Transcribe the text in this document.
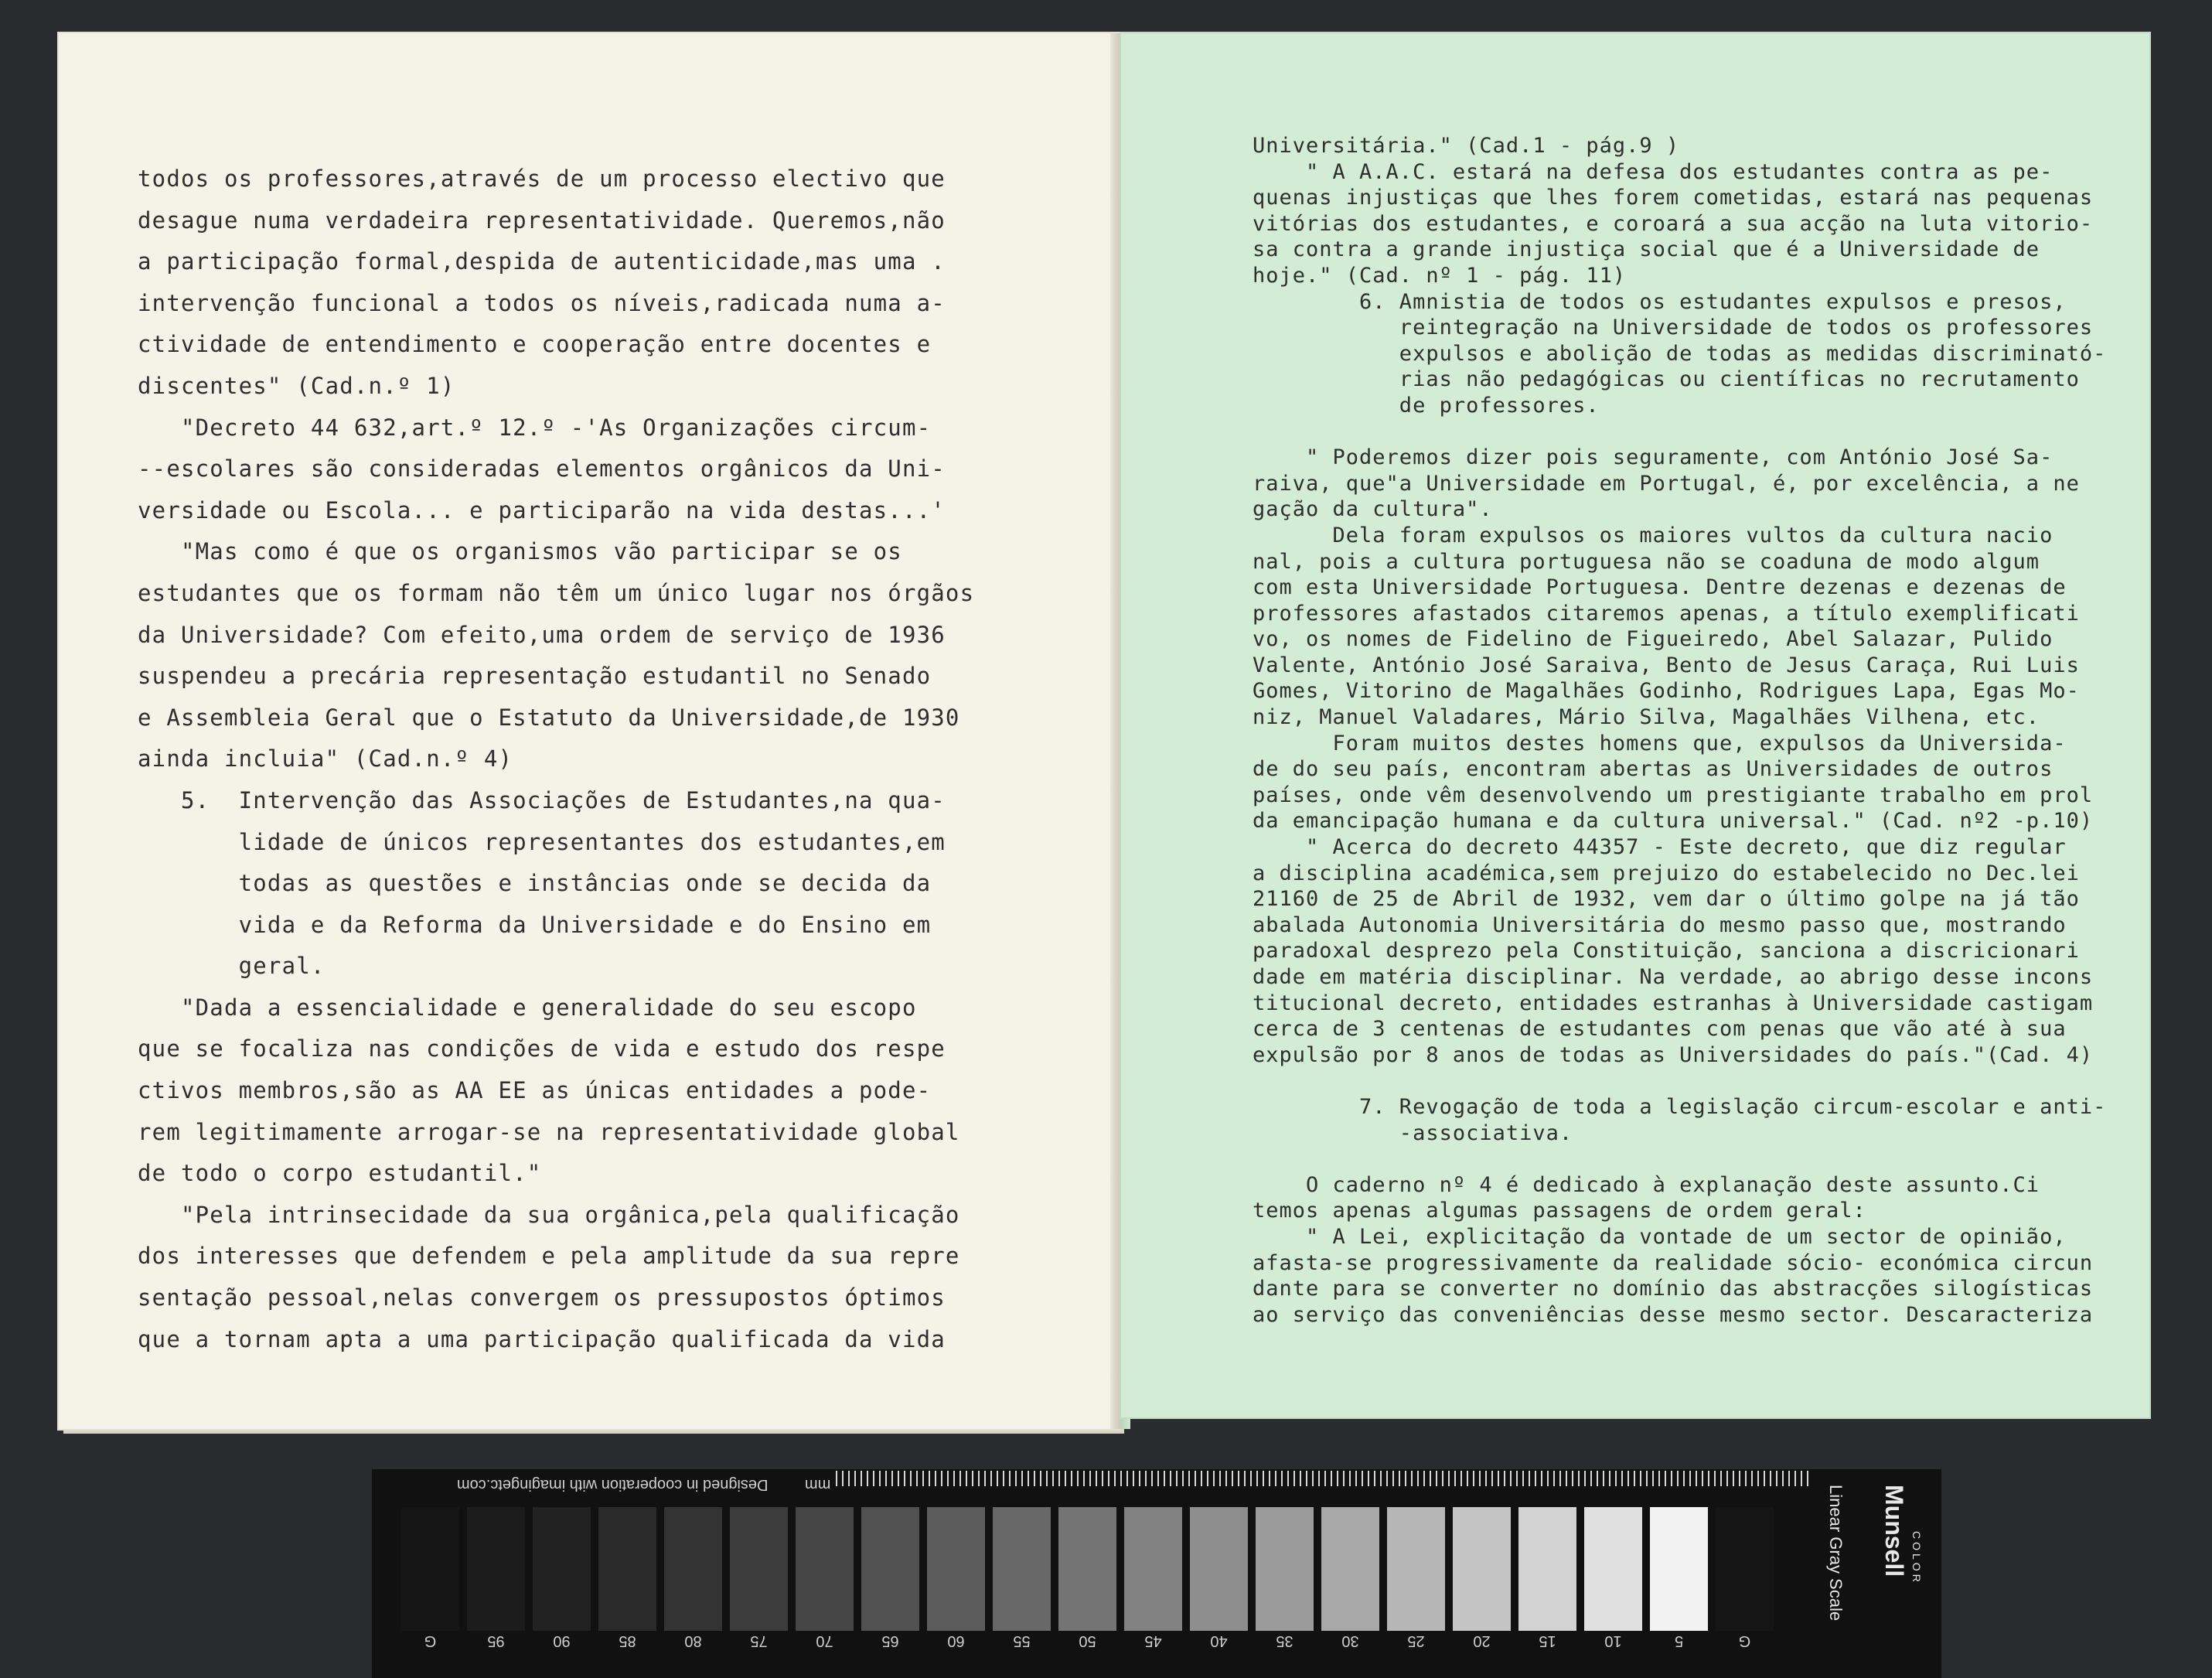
todos os professores,através de um processo electivo que
desague numa verdadeira representatividade. Queremos,não
a participação formal,despida de autenticidade,mas uma .
intervenção funcional a todos os níveis,radicada numa a-
ctividade de entendimento e cooperação entre docentes e
discentes" (Cad.n.º 1)
"Decreto 44 632,art.º 12.º -'As Organizações circum-
--escolares são consideradas elementos orgânicos da Uni-
versidade ou Escola... e participarão na vida destas...'
"Mas como é que os organismos vão participar se os
estudantes que os formam não têm um único lugar nos órgãos
da Universidade? Com efeito,uma ordem de serviço de 1936
suspendeu a precária representação estudantil no Senado
e Assembleia Geral que o Estatuto da Universidade,de 1930
ainda incluia" (Cad.n.º 4)
5.  Intervenção das Associações de Estudantes,na qua-
lidade de únicos representantes dos estudantes,em
todas as questões e instâncias onde se decida da
vida e da Reforma da Universidade e do Ensino em
geral.
"Dada a essencialidade e generalidade do seu escopo
que se focaliza nas condições de vida e estudo dos respe
ctivos membros,são as AA EE as únicas entidades a pode-
rem legitimamente arrogar-se na representatividade global
de todo o corpo estudantil."
"Pela intrinsecidade da sua orgânica,pela qualificação
dos interesses que defendem e pela amplitude da sua repre
sentação pessoal,nelas convergem os pressupostos óptimos
que a tornam apta a uma participação qualificada da vida
Universitária." (Cad.1 - pág.9 )
" A A.A.C. estará na defesa dos estudantes contra as pe-
quenas injustiças que lhes forem cometidas, estará nas pequenas
vitórias dos estudantes, e coroará a sua acção na luta vitorio-
sa contra a grande injustiça social que é a Universidade de
hoje." (Cad. nº 1 - pág. 11)
6. Amnistia de todos os estudantes expulsos e presos,
reintegração na Universidade de todos os professores
expulsos e abolição de todas as medidas discriminató-
rias não pedagógicas ou científicas no recrutamento
de professores.

" Poderemos dizer pois seguramente, com António José Sa-
raiva, que"a Universidade em Portugal, é, por excelência, a ne
gação da cultura".
Dela foram expulsos os maiores vultos da cultura nacio
nal, pois a cultura portuguesa não se coaduna de modo algum
com esta Universidade Portuguesa. Dentre dezenas e dezenas de
professores afastados citaremos apenas, a título exemplificati
vo, os nomes de Fidelino de Figueiredo, Abel Salazar, Pulido
Valente, António José Saraiva, Bento de Jesus Caraça, Rui Luis
Gomes, Vitorino de Magalhães Godinho, Rodrigues Lapa, Egas Mo-
niz, Manuel Valadares, Mário Silva, Magalhães Vilhena, etc.
Foram muitos destes homens que, expulsos da Universida-
de do seu país, encontram abertas as Universidades de outros
países, onde vêm desenvolvendo um prestigiante trabalho em prol
da emancipação humana e da cultura universal." (Cad. nº2 -p.10)
" Acerca do decreto 44357 - Este decreto, que diz regular
a disciplina académica,sem prejuizo do estabelecido no Dec.lei
21160 de 25 de Abril de 1932, vem dar o último golpe na já tão
abalada Autonomia Universitária do mesmo passo que, mostrando
paradoxal desprezo pela Constituição, sanciona a discricionari
dade em matéria disciplinar. Na verdade, ao abrigo desse incons
titucional decreto, entidades estranhas à Universidade castigam
cerca de 3 centenas de estudantes com penas que vão até à sua
expulsão por 8 anos de todas as Universidades do país."(Cad. 4)

7. Revogação de toda a legislação circum-escolar e anti-
-associativa.

O caderno nº 4 é dedicado à explanação deste assunto.Ci
temos apenas algumas passagens de ordem geral:
" A Lei, explicitação da vontade de um sector de opinião,
afasta-se progressivamente da realidade sócio- económica circun
dante para se converter no domínio das abstracções silogísticas
ao serviço das conveniências desse mesmo sector. Descaracteriza
mm
Designed in cooperation with imagingetc.com
G	95	90	85	80	75	70	65	60	55	50	45	40	35	30	25	20	15	10	5	G
Linear Gray Scale Munsell COLOR
